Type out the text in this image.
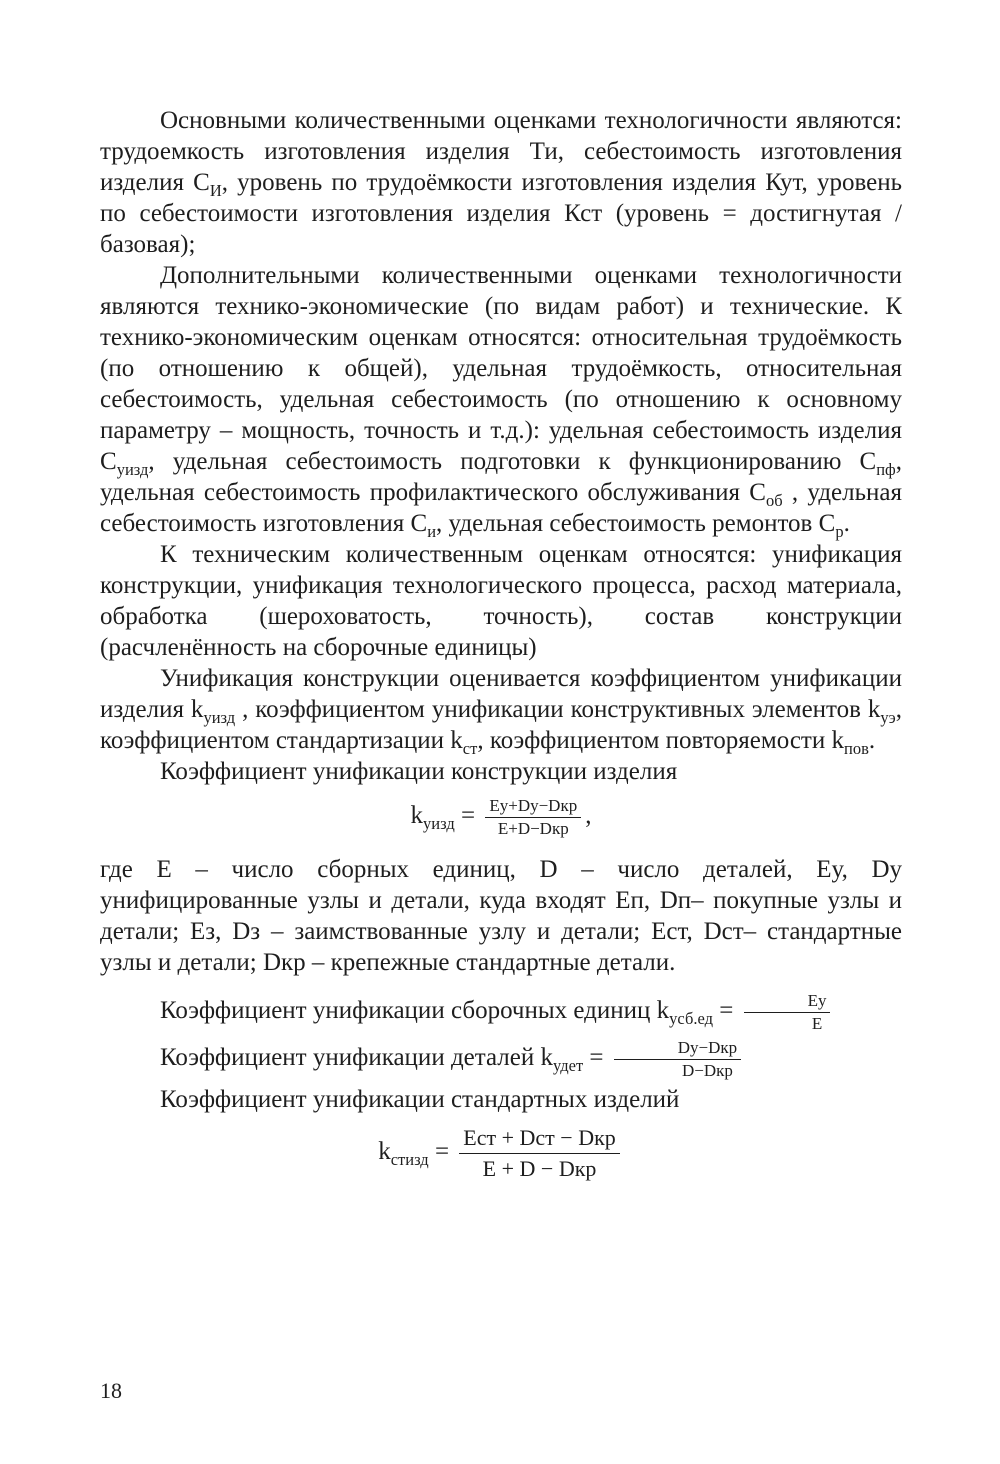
Основными количественными оценками технологичности являются: трудоемкость изготовления изделия Ти, себестоимость изготовления изделия $C_И$, уровень по трудоёмкости изготовления изделия Кут, уровень по себестоимости изготовления изделия Кст (уровень = достигнутая / базовая);

Дополнительными количественными оценками технологичности являются технико-экономические (по видам работ) и технические. К технико-экономическим оценкам относятся: относительная трудоёмкость (по отношению к общей), удельная трудоёмкость, относительная себестоимость, удельная себестоимость (по отношению к основному параметру – мощность, точность и т.д.): удельная себестоимость изделия $C_{уизд}$, удельная себестоимость подготовки к функционированию $C_{пф}$, удельная себестоимость профилактического обслуживания $C_{об}$ , удельная себестоимость изготовления $C_и$, удельная себестоимость ремонтов $C_р$.

К техническим количественным оценкам относятся: унификация конструкции, унификация технологического процесса, расход материала, обработка (шероховатость, точность), состав конструкции (расчленённость на сборочные единицы)

Унификация конструкции оценивается коэффициентом унификации изделия $k_{уизд}$ , коэффициентом унификации конструктивных элементов $k_{уэ}$, коэффициентом стандартизации $k_{ст}$, коэффициентом повторяемости $k_{пов}$.

Коэффициент унификации конструкции изделия

$k_{уизд} = \frac{\text{Eу+Dу−Dкр}}{\text{E+D−Dкр}}$ ,

где E – число сборных единиц, D – число деталей, Eу, Dу унифицированные узлы и детали, куда входят Eп, Dп– покупные узлы и детали; Eз, Dз – заимствованные узлу и детали; Eст, Dст– стандартные узлы и детали; Dкр – крепежные стандартные детали.

Коэффициент унификации сборочных единиц $k_{усб.ед} = \frac{Eу}{E}$

Коэффициент унификации деталей $k_{удет} = \frac{\text{Dу−Dкр}}{\text{D−Dкр}}$

Коэффициент унификации стандартных изделий

$k_{стизд} = \frac{\text{Eст + Dст − Dкр}}{\text{E + D − Dкр}}$

18
